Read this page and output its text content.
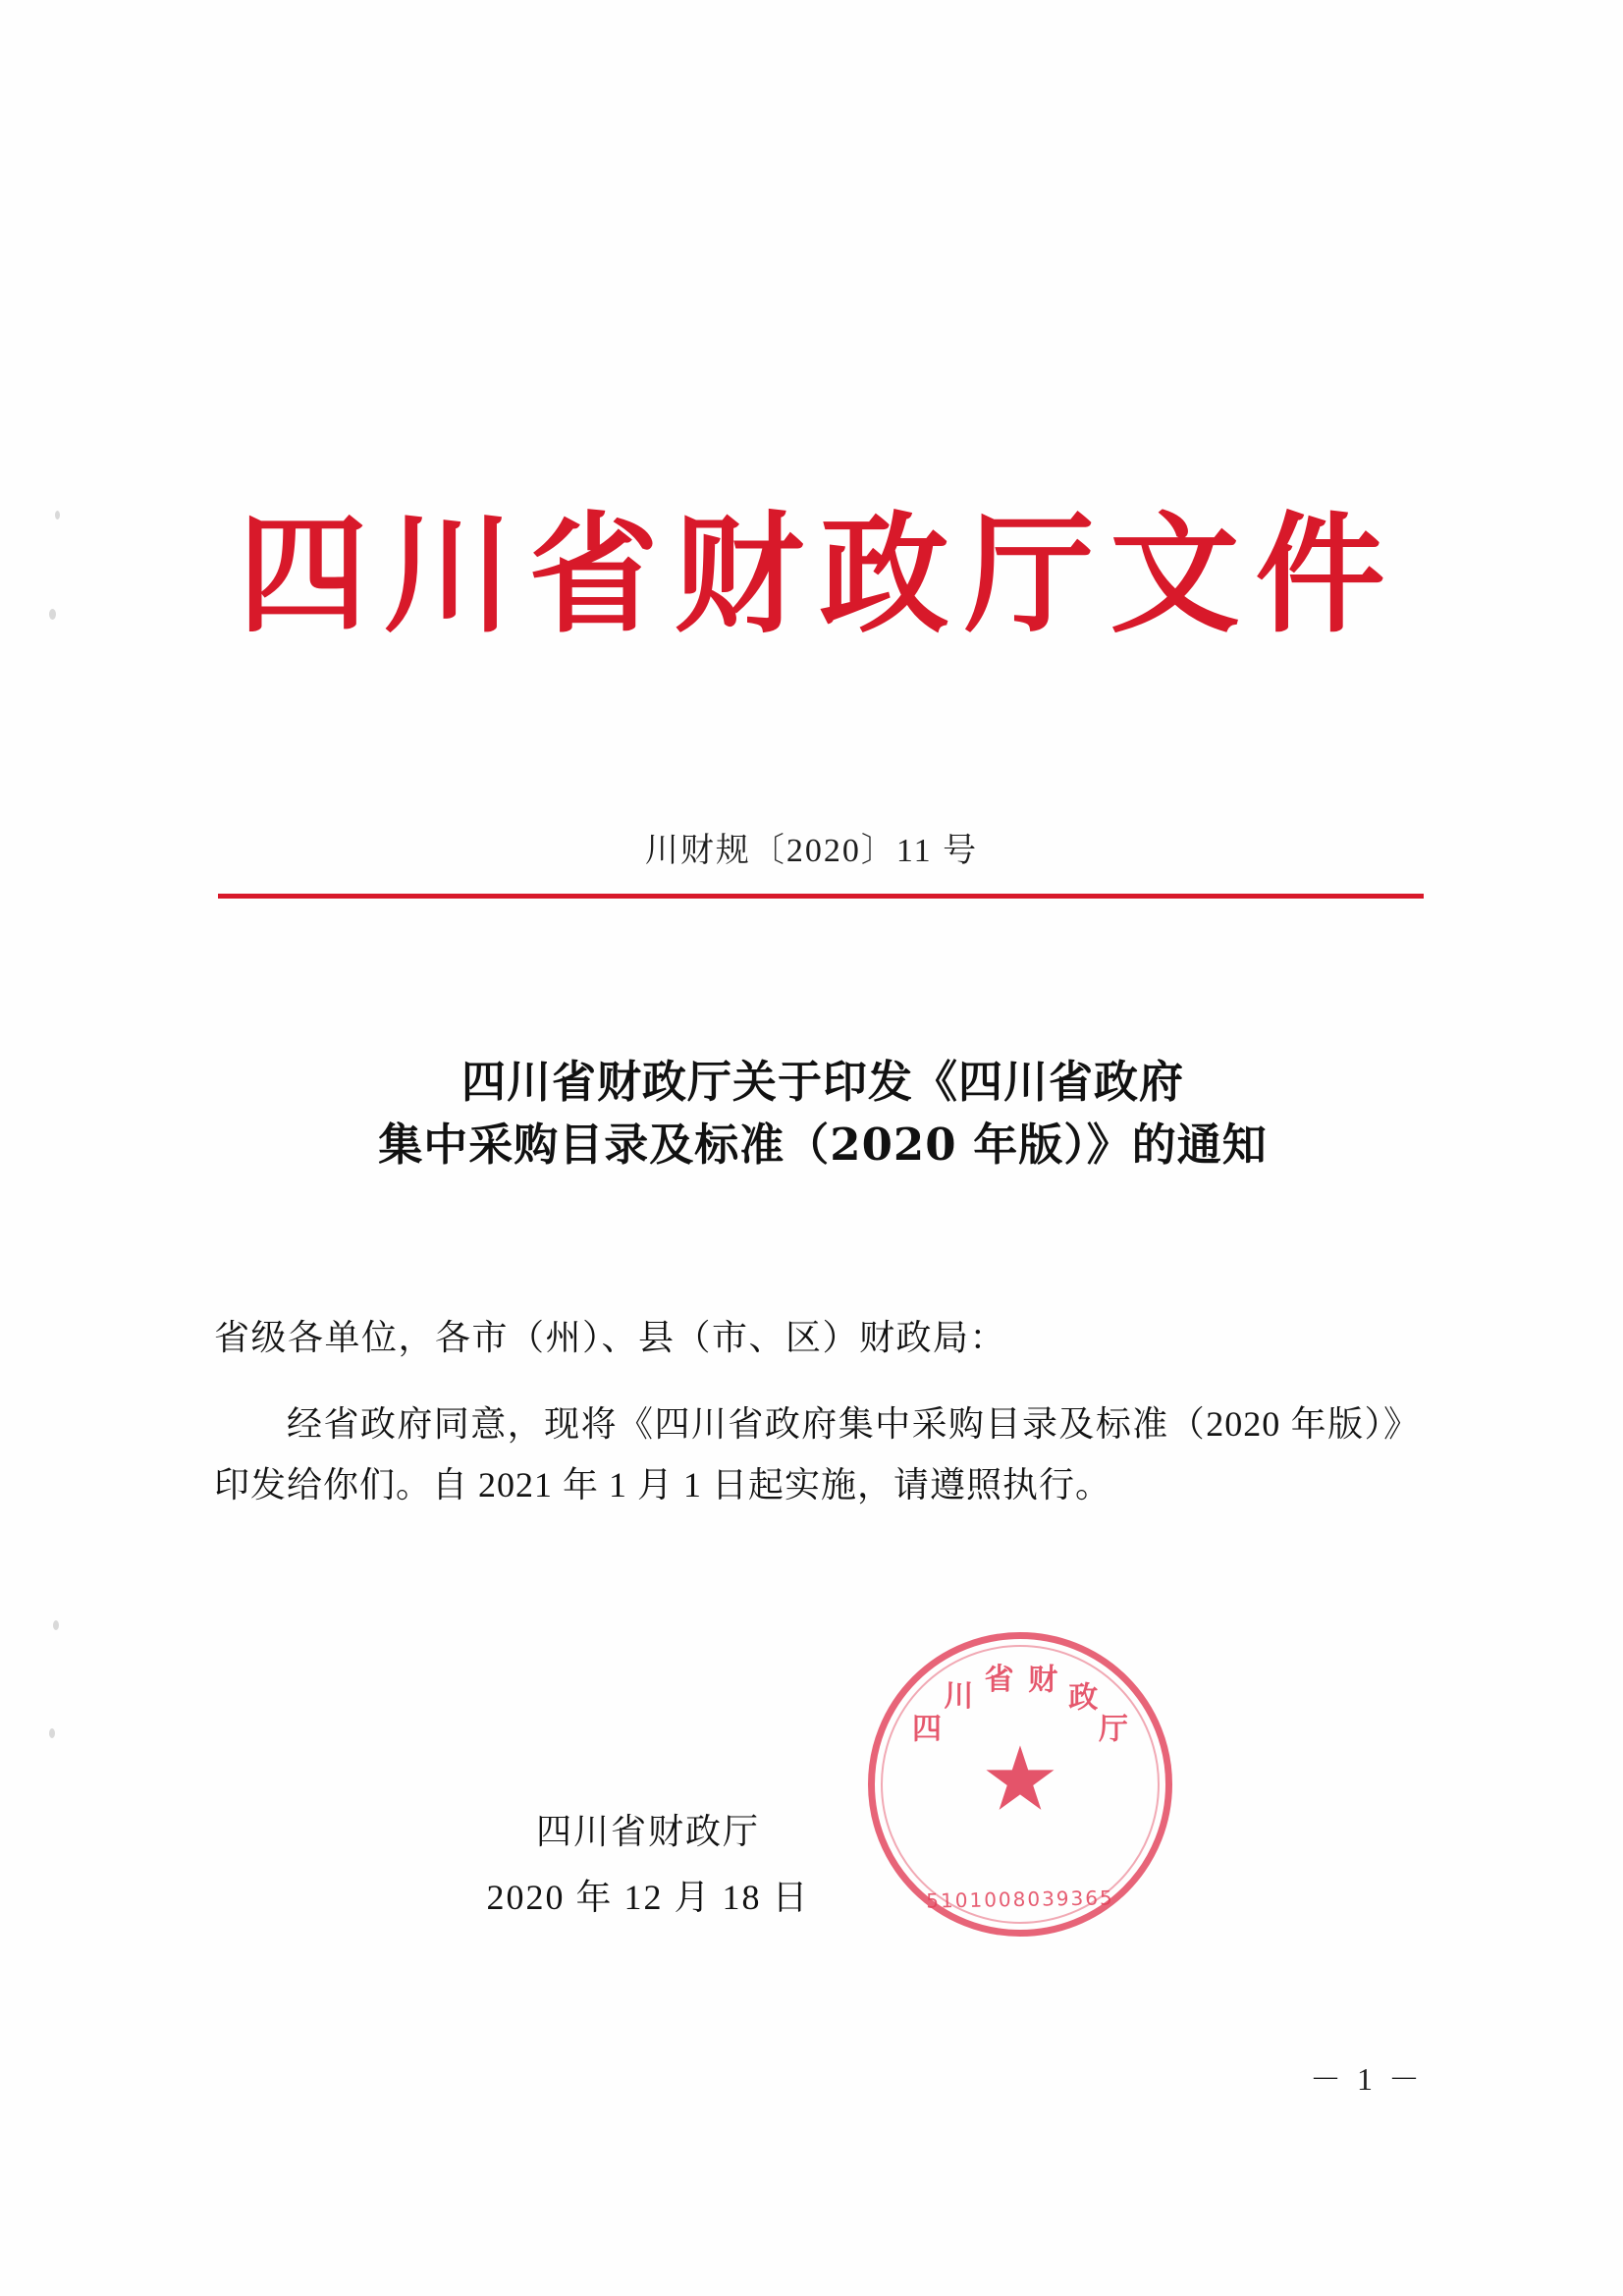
四川省财政厅文件
川财规〔2020〕11 号
四川省财政厅关于印发《四川省政府
集中采购目录及标准（2020 年版）》的通知
省级各单位，各市（州）、县（市、区）财政局：
经省政府同意，现将《四川省政府集中采购目录及标准（2020 年版）》印发给你们。自 2021 年 1 月 1 日起实施，请遵照执行。
四
川 省 财
政
厅
★
5101008039365
四川省财政厅
2020 年 12 月 18 日
－ 1 －
